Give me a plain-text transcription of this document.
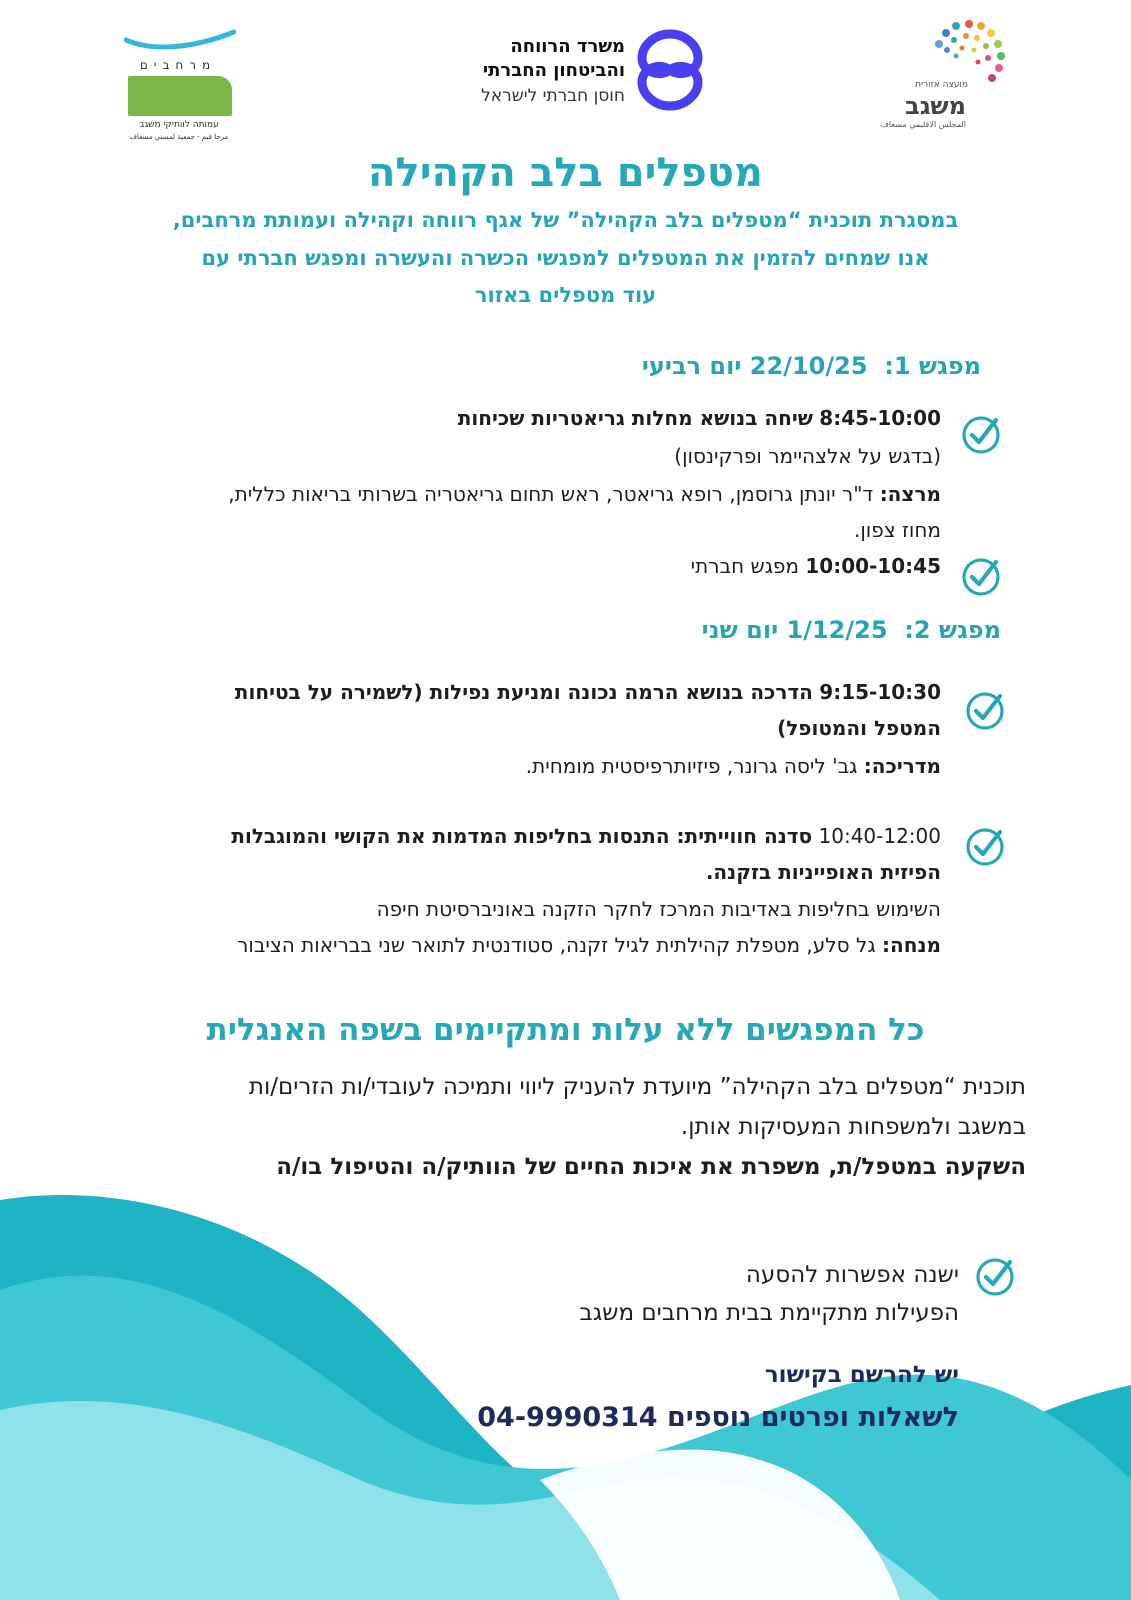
מועצה אזורית
משגב
المجلس الاقليمي مسغاف
משרד הרווחה
והביטחון החברתי
חוסן חברתי לישראל
מרחבים
עמותה לוותיקי משגב
مرحا قيم - جمعية لمسني مسغاف
מטפלים בלב הקהילה
במסגרת תוכנית “מטפלים בלב הקהילה” של אגף רווחה וקהילה ועמותת מרחבים,
אנו שמחים להזמין את המטפלים למפגשי הכשרה והעשרה ומפגש חברתי עם
עוד מטפלים באזור
מפגש 1:  22/10/25 יום רביעי
8:45-10:00 שיחה בנושא מחלות גריאטריות שכיחות
(בדגש על אלצהיימר ופרקינסון)
מרצה: ד"ר יונתן גרוסמן, רופא גריאטר, ראש תחום גריאטריה בשרותי בריאות כללית,
מחוז צפון.
10:00-10:45 מפגש חברתי
מפגש 2:  1/12/25 יום שני
9:15-10:30 הדרכה בנושא הרמה נכונה ומניעת נפילות (לשמירה על בטיחות
המטפל והמטופל)
מדריכה: גב' ליסה גרונר, פיזיותרפיסטית מומחית.
10:40-12:00 סדנה חווייתית: התנסות בחליפות המדמות את הקושי והמוגבלות
הפיזית האופייניות בזקנה.
השימוש בחליפות באדיבות המרכז לחקר הזקנה באוניברסיטת חיפה
מנחה: גל סלע, מטפלת קהילתית לגיל זקנה, סטודנטית לתואר שני בבריאות הציבור
כל המפגשים ללא עלות ומתקיימים בשפה האנגלית
תוכנית “מטפלים בלב הקהילה” מיועדת להעניק ליווי ותמיכה לעובדי/ות הזרים/ות
במשגב ולמשפחות המעסיקות אותן.
השקעה במטפל/ת, משפרת את איכות החיים של הוותיק/ה והטיפול בו/ה
ישנה אפשרות להסעה
הפעילות מתקיימת בבית מרחבים משגב
יש להרשם בקישור
לשאלות ופרטים נוספים 04-9990314
